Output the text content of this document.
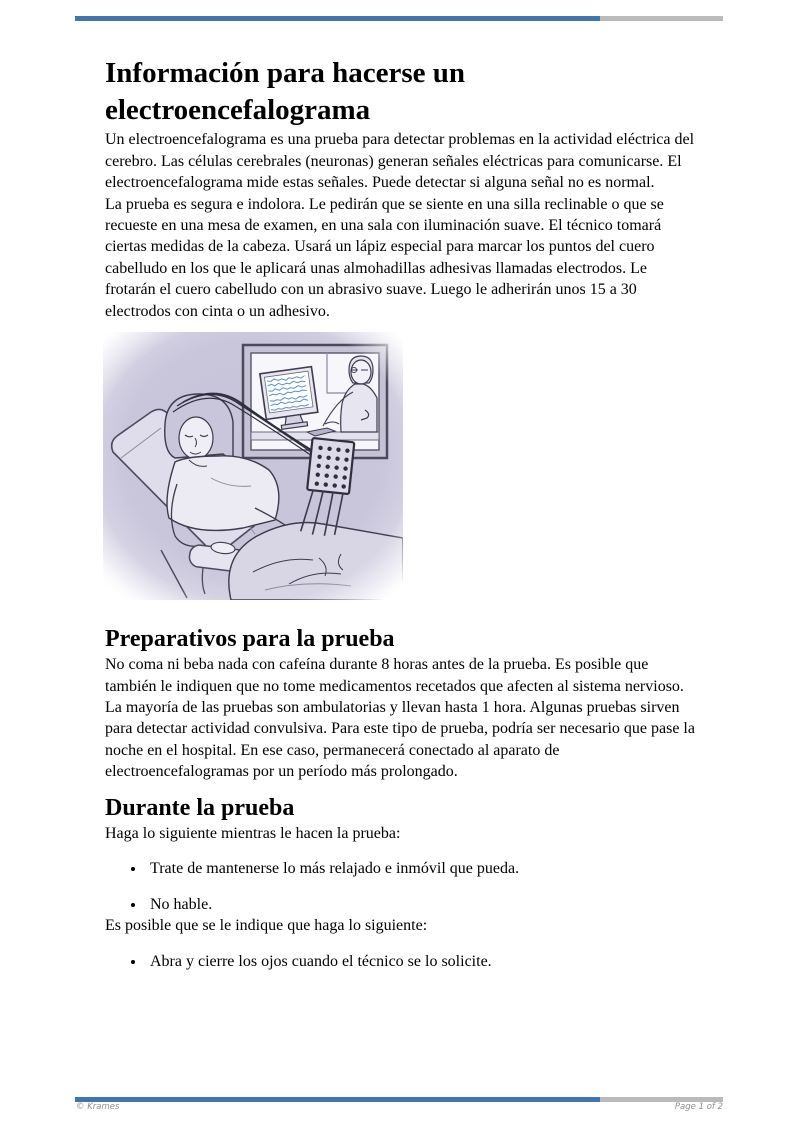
Información para hacerse un electroencefalograma

Un electroencefalograma es una prueba para detectar problemas en la actividad eléctrica del cerebro. Las células cerebrales (neuronas) generan señales eléctricas para comunicarse. El electroencefalograma mide estas señales. Puede detectar si alguna señal no es normal.

La prueba es segura e indolora. Le pedirán que se siente en una silla reclinable o que se recueste en una mesa de examen, en una sala con iluminación suave. El técnico tomará ciertas medidas de la cabeza. Usará un lápiz especial para marcar los puntos del cuero cabelludo en los que le aplicará unas almohadillas adhesivas llamadas electrodos. Le frotarán el cuero cabelludo con un abrasivo suave. Luego le adherirán unos 15 a 30 electrodos con cinta o un adhesivo.

Preparativos para la prueba

No coma ni beba nada con cafeína durante 8 horas antes de la prueba. Es posible que también le indiquen que no tome medicamentos recetados que afecten al sistema nervioso.

La mayoría de las pruebas son ambulatorias y llevan hasta 1 hora. Algunas pruebas sirven para detectar actividad convulsiva. Para este tipo de prueba, podría ser necesario que pase la noche en el hospital. En ese caso, permanecerá conectado al aparato de electroencefalogramas por un período más prolongado.

Durante la prueba

Haga lo siguiente mientras le hacen la prueba:

• Trate de mantenerse lo más relajado e inmóvil que pueda.
• No hable.

Es posible que se le indique que haga lo siguiente:

• Abra y cierre los ojos cuando el técnico se lo solicite.
© Krames	Page 1 of 2
